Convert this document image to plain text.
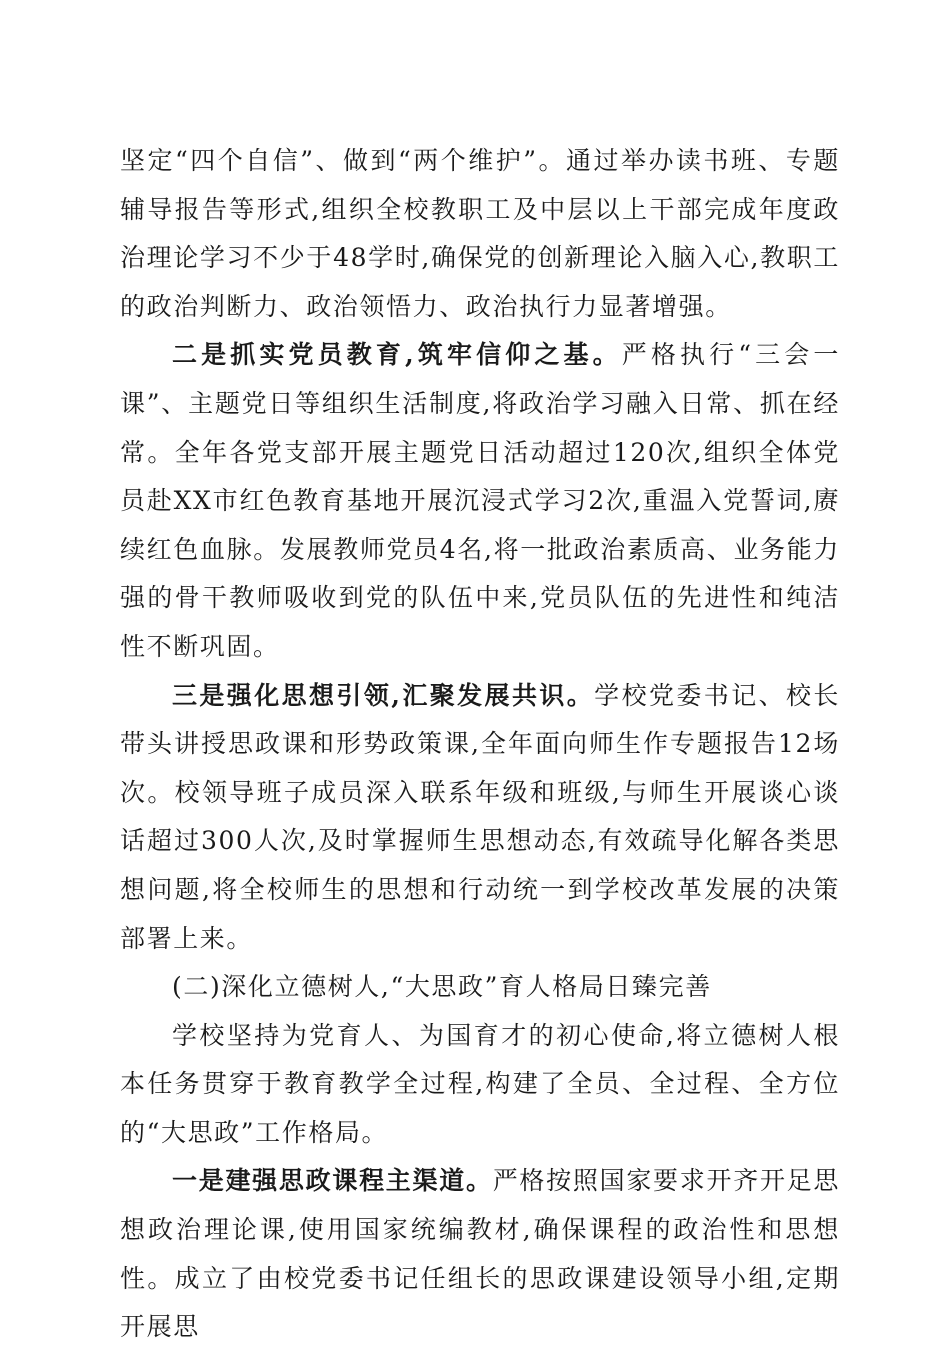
坚定“四个自信”、做到“两个维护”。通过举办读书班、专题辅导报告等形式,组织全校教职工及中层以上干部完成年度政治理论学习不少于48学时,确保党的创新理论入脑入心,教职工的政治判断力、政治领悟力、政治执行力显著增强。

二是抓实党员教育,筑牢信仰之基。严格执行“三会一课”、主题党日等组织生活制度,将政治学习融入日常、抓在经常。全年各党支部开展主题党日活动超过120次,组织全体党员赴XX市红色教育基地开展沉浸式学习2次,重温入党誓词,赓续红色血脉。发展教师党员4名,将一批政治素质高、业务能力强的骨干教师吸收到党的队伍中来,党员队伍的先进性和纯洁性不断巩固。

三是强化思想引领,汇聚发展共识。学校党委书记、校长带头讲授思政课和形势政策课,全年面向师生作专题报告12场次。校领导班子成员深入联系年级和班级,与师生开展谈心谈话超过300人次,及时掌握师生思想动态,有效疏导化解各类思想问题,将全校师生的思想和行动统一到学校改革发展的决策部署上来。

(二)深化立德树人,“大思政”育人格局日臻完善

学校坚持为党育人、为国育才的初心使命,将立德树人根本任务贯穿于教育教学全过程,构建了全员、全过程、全方位的“大思政”工作格局。

一是建强思政课程主渠道。严格按照国家要求开齐开足思想政治理论课,使用国家统编教材,确保课程的政治性和思想性。成立了由校党委书记任组长的思政课建设领导小组,定期开展思
